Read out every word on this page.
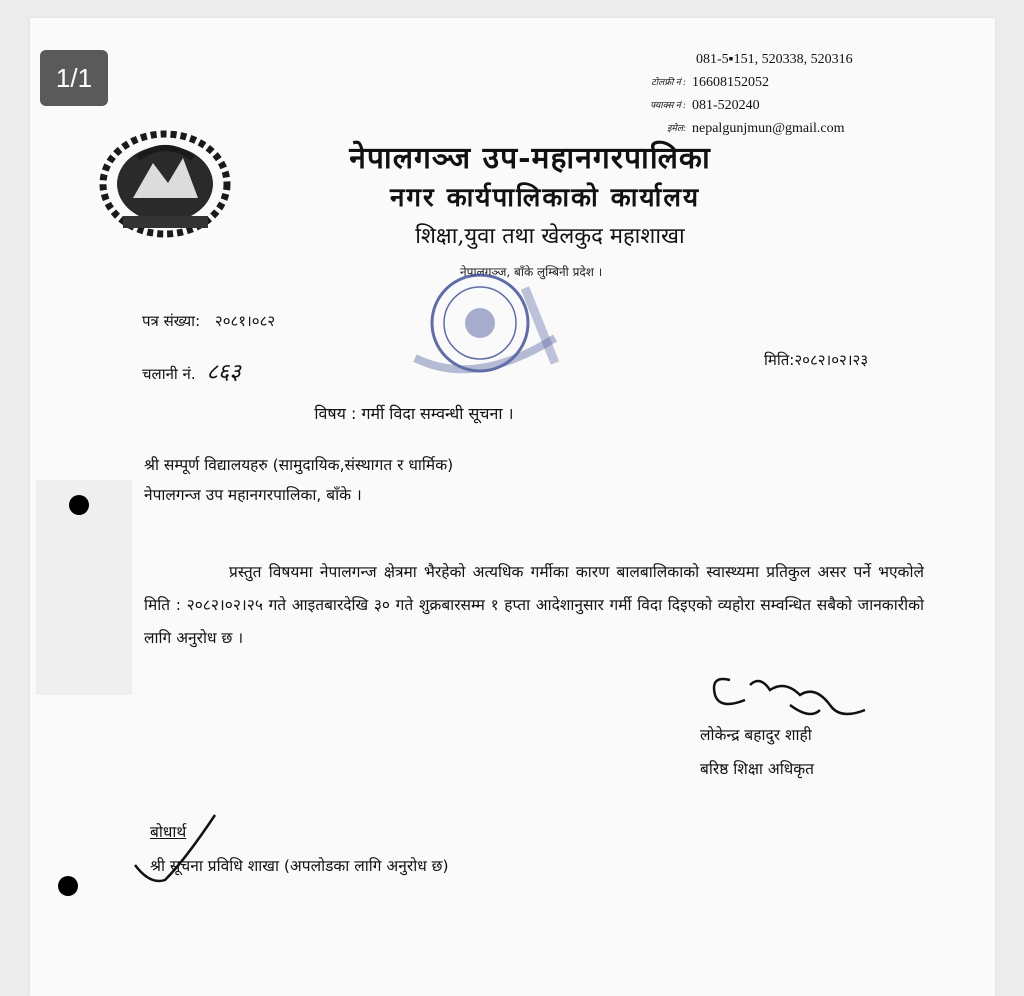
1/1
081-5▪151, 520338, 520316
टोलफ्री नं : 16608152052
फ्याक्स नं : 081-520240
इमेल: nepalgunjmun@gmail.com
नेपालगञ्ज उप-महानगरपालिका
नगर कार्यपालिकाको कार्यालय
शिक्षा,युवा तथा खेलकुद महाशाखा
नेपालगञ्ज, बाँके लुम्बिनी प्रदेश ।
पत्र संख्या: २०८१।०८२
चलानी नं. ८६३	मिति:२०८२।०२।२३
विषय : गर्मी विदा सम्वन्धी सूचना ।
श्री सम्पूर्ण विद्यालयहरु (सामुदायिक,संस्थागत र धार्मिक)
नेपालगन्ज उप महानगरपालिका, बाँके ।
प्रस्तुत विषयमा नेपालगन्ज क्षेत्रमा भैरहेको अत्यधिक गर्मीका कारण बालबालिकाको स्वास्थ्यमा प्रतिकुल असर पर्ने भएकोले मिति : २०८२।०२।२५ गते आइतबारदेखि ३० गते शुक्रबारसम्म १ हप्ता आदेशानुसार गर्मी विदा दिइएको व्यहोरा सम्वन्धित सबैको जानकारीको लागि अनुरोध छ ।
लोकेन्द्र बहादुर शाही
बरिष्ठ शिक्षा अधिकृत
बोधार्थ
श्री सूचना प्रविधि शाखा (अपलोडका लागि अनुरोध छ)
